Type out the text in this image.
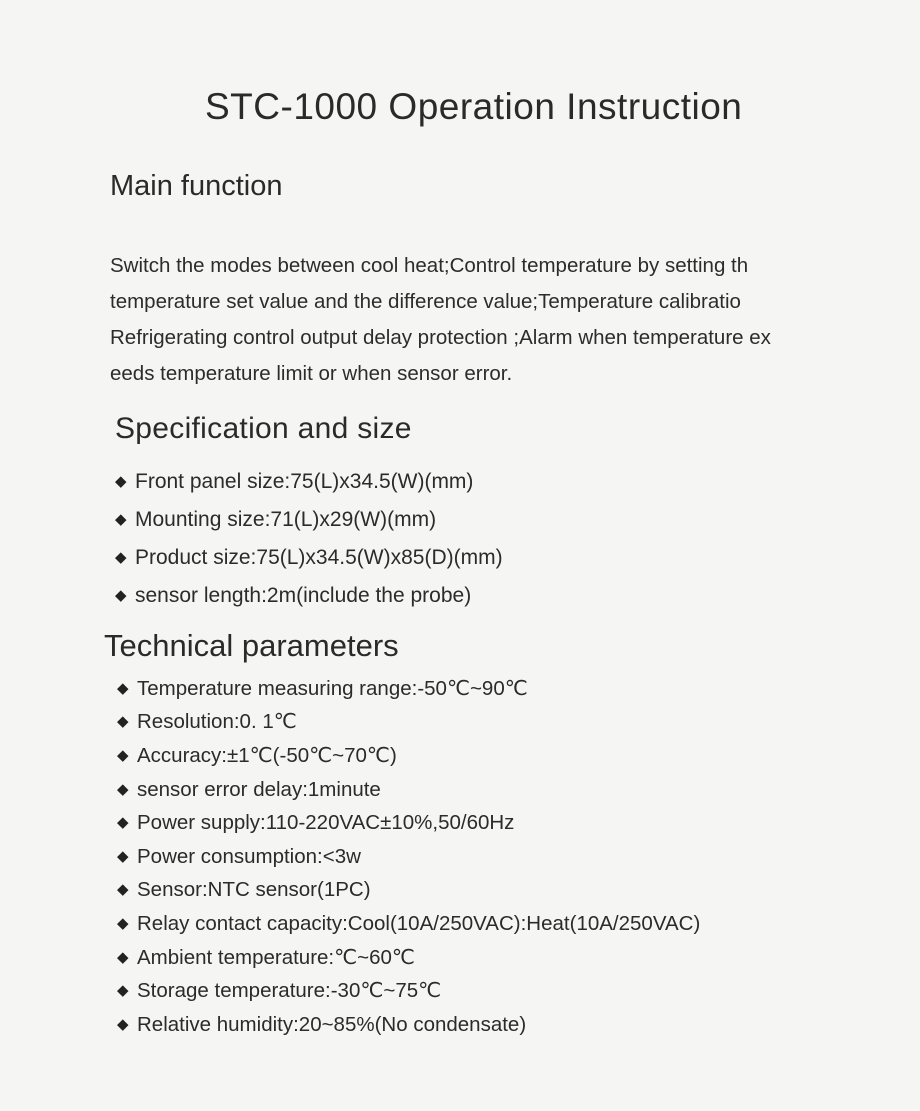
STC-1000 Operation Instruction
Main function
Switch the modes between cool heat;Control temperature by setting th
temperature set value and the difference value;Temperature calibratio
Refrigerating control output delay protection ;Alarm when temperature ex
eeds temperature limit or when sensor error.
Specification and size
◆ Front panel size:75(L)x34.5(W)(mm)
◆ Mounting size:71(L)x29(W)(mm)
◆ Product size:75(L)x34.5(W)x85(D)(mm)
◆ sensor length:2m(include the probe)
Technical parameters
◆ Temperature measuring range:-50℃~90℃
◆ Resolution:0. 1℃
◆ Accuracy:±1℃(-50℃~70℃)
◆ sensor error delay:1minute
◆ Power supply:110-220VAC±10%,50/60Hz
◆ Power consumption:<3w
◆ Sensor:NTC sensor(1PC)
◆ Relay contact capacity:Cool(10A/250VAC):Heat(10A/250VAC)
◆ Ambient temperature:℃~60℃
◆ Storage temperature:-30℃~75℃
◆ Relative humidity:20~85%(No condensate)
